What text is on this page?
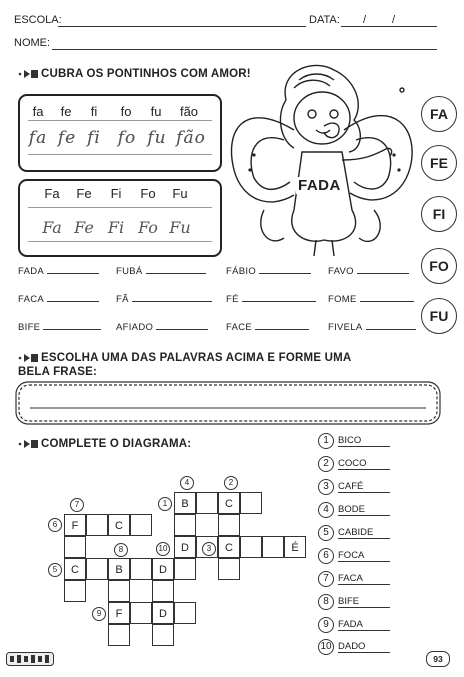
ESCOLA:	DATA: / /
NOME:
CUBRA OS PONTINHOS COM AMOR!
fa	fe	fi	fo	fu	fão
fa fe fi fo fu fão
Fa	Fe	Fi	Fo	Fu
Fa Fe Fi Fo Fu
FADA
FA
FE
FI
FO
FU
FADA	FUBÁ	FÁBIO	FAVO
FACA	FÃ	FÉ	FOME
BIFE	AFIADO	FACE	FIVELA
ESCOLHA UMA DAS PALAVRAS ACIMA E FORME UMA
BELA FRASE:
COMPLETE O DIAGRAMA:	1 BICO
2 COCO
3 CAFÉ
4 BODE
5 CABIDE
6 FOCA
7 FACA
8 BIFE
9 FADA
10 DADO
F
C
C
B	D
F	D
B
D
C
C	É
7
6
8
5
9
4	2
1
10	3
93
